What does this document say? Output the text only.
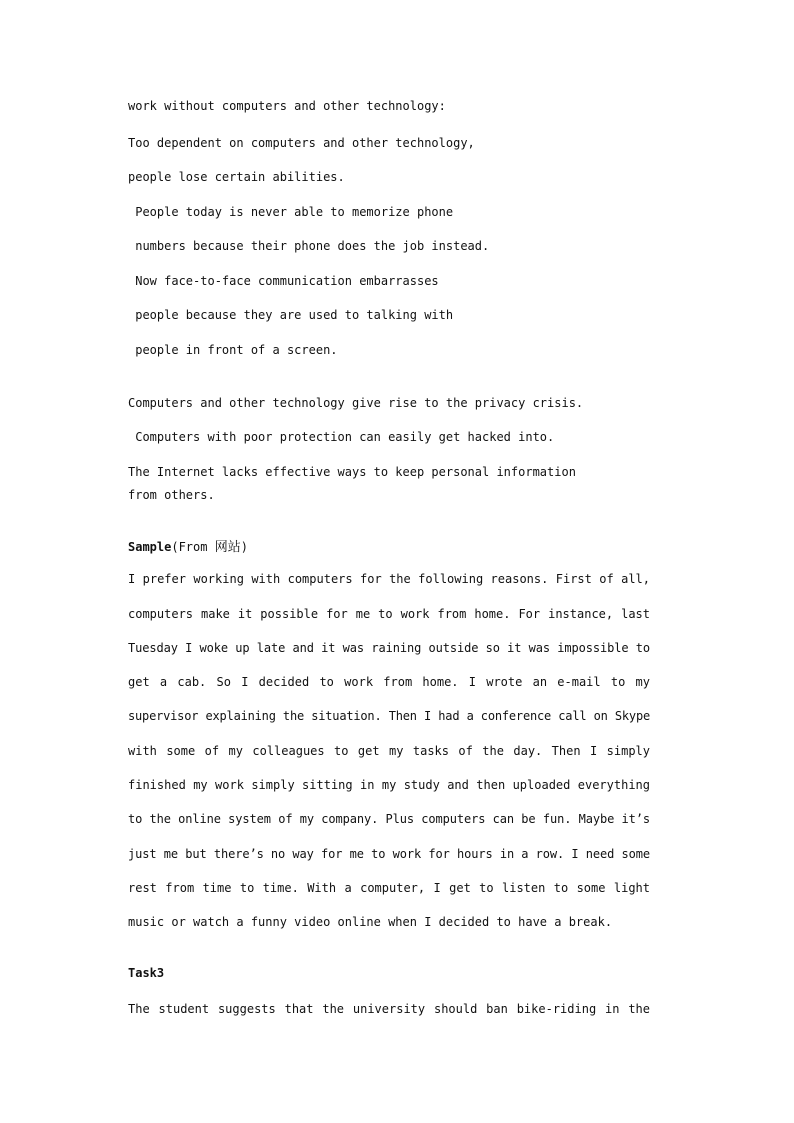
work without computers and other technology:

Too dependent on computers and other technology,

people lose certain abilities.

People today is never able to memorize phone

numbers because their phone does the job instead.

Now face-to-face communication embarrasses

people because they are used to talking with

people in front of a screen.

Computers and other technology give rise to the privacy crisis.

Computers with poor protection can easily get hacked into.

The Internet lacks effective ways to keep personal information

from others.

Sample(From 网站)
I prefer working with computers for the following reasons. First of all,
computers make it possible for me to work from home. For instance, last
Tuesday I woke up late and it was raining outside so it was impossible to
get a cab. So I decided to work from home. I wrote an e-mail to my
supervisor explaining the situation. Then I had a conference call on Skype
with some of my colleagues to get my tasks of the day. Then I simply
finished my work simply sitting in my study and then uploaded everything
to the online system of my company. Plus computers can be fun. Maybe it’s
just me but there’s no way for me to work for hours in a row. I need some
rest from time to time. With a computer, I get to listen to some light
music or watch a funny video online when I decided to have a break.
Task3
The student suggests that the university should ban bike-riding in the
